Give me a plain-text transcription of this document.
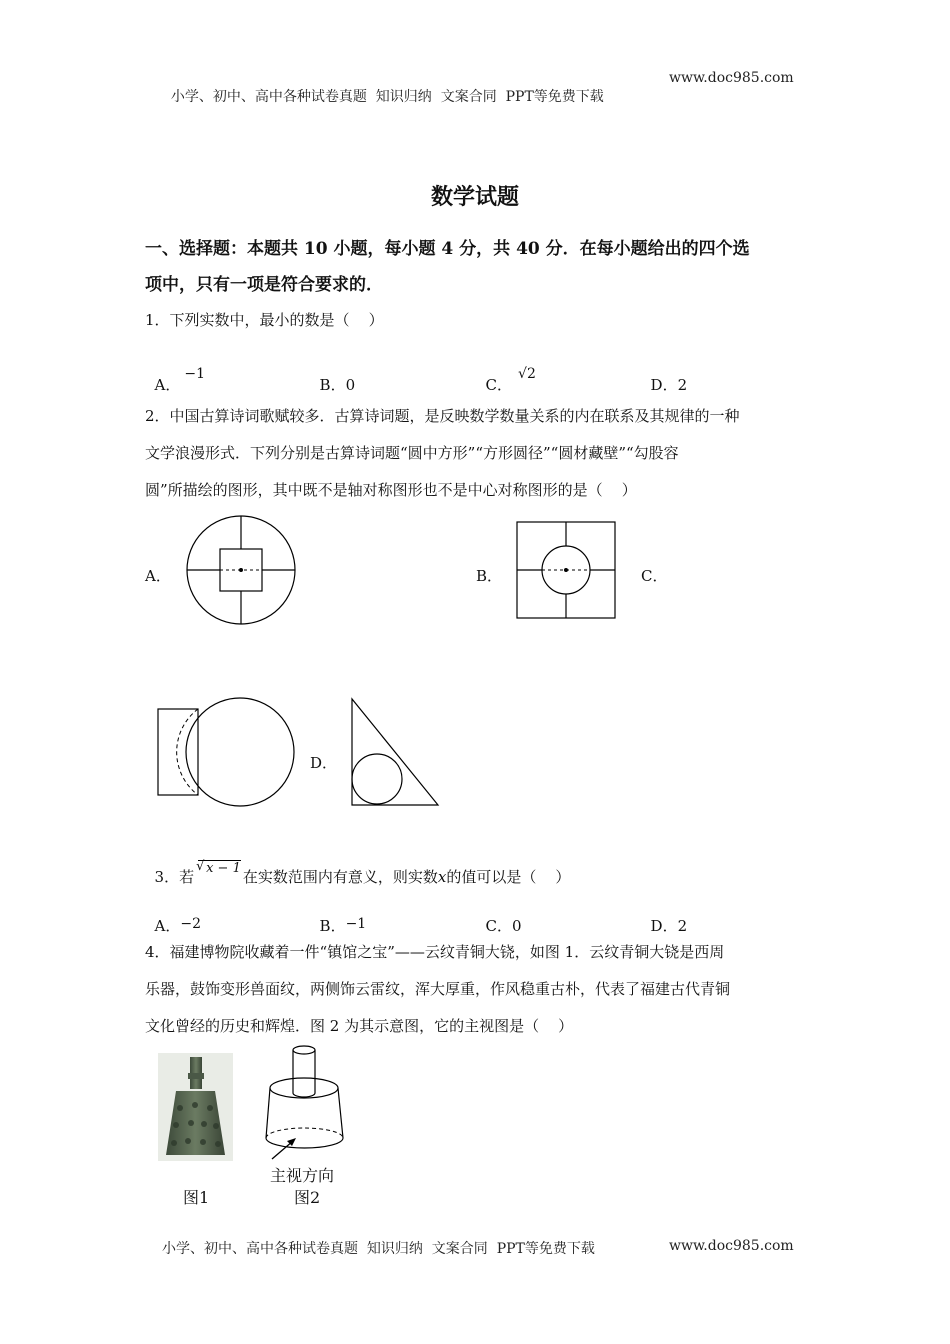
小学、初中、高中各种试卷真题  知识归纳  文案合同  PPT等免费下载

www.doc985.com
数学试题
一、选择题：本题共 10 小题，每小题 4 分，共 40 分．在每小题给出的四个选
项中，只有一项是符合要求的．
1．下列实数中，最小的数是（    ）

A．−1

B．0	C．√2

D．2

2．中国古算诗词歌赋较多．古算诗词题，是反映数学数量关系的内在联系及其规律的一种
文学浪漫形式．下列分别是古算诗词题“圆中方形”“方形圆径”“圆材藏壁”“勾股容
圆”所描绘的图形，其中既不是轴对称图形也不是中心对称图形的是（    ）
A．	B．	C．
D．

3．若
√ x − 1 在实数范围内有意义，则实数x的值可以是（    ）

A．−2	B．−1	C．0	D．2

4．福建博物院收藏着一件“镇馆之宝”——云纹青铜大铙，如图 1．云纹青铜大铙是西周
乐器，鼓饰变形兽面纹，两侧饰云雷纹，浑大厚重，作风稳重古朴，代表了福建古代青铜
文化曾经的历史和辉煌．图 2 为其示意图，它的主视图是（    ）
主视方向
图1	图2
小学、初中、高中各种试卷真题  知识归纳  文案合同  PPT等免费下载	www.doc985.com
